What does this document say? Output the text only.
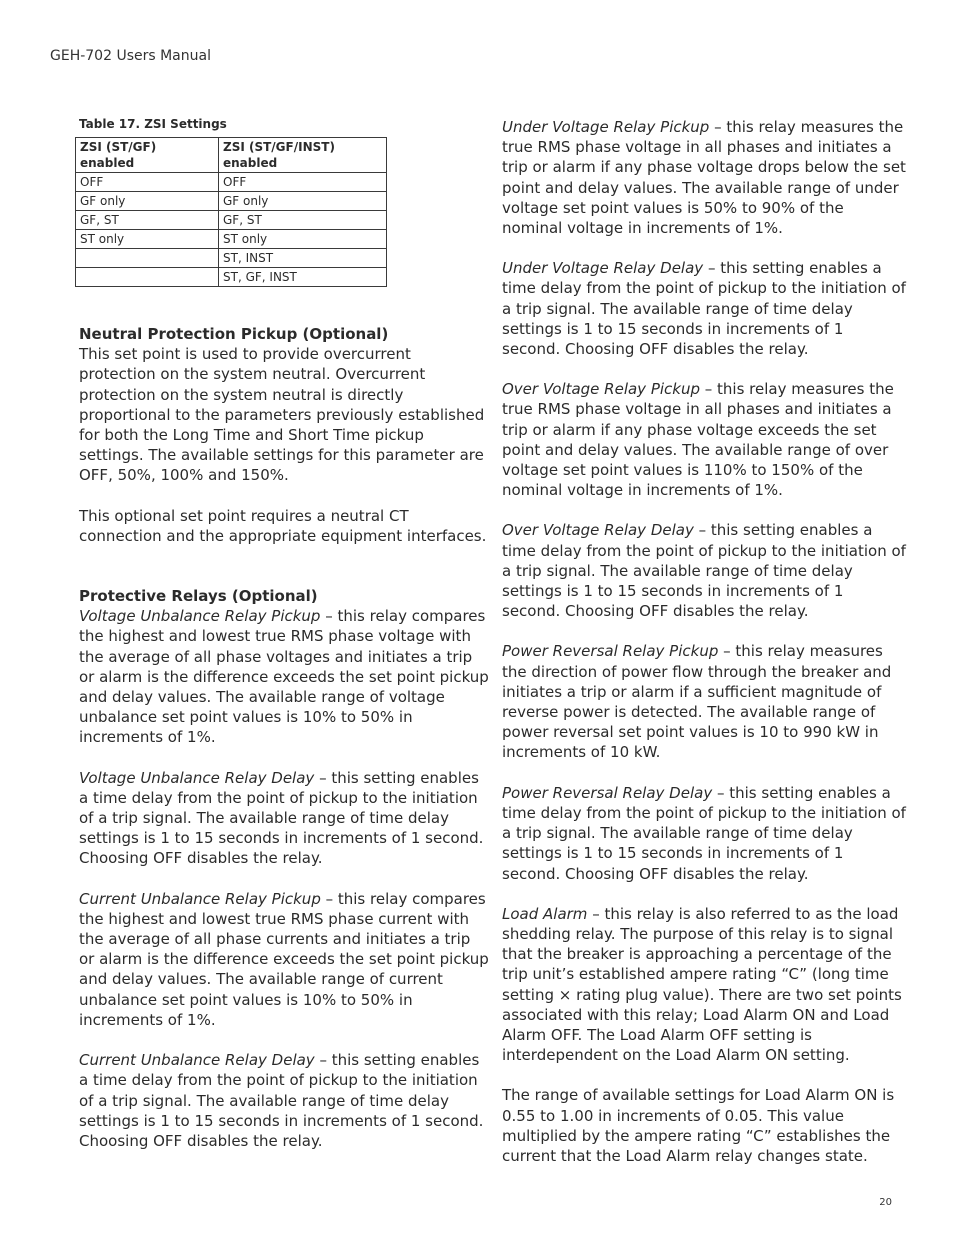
GEH-702 Users Manual
Table 17. ZSI Settings
ZSI (ST/GF) enabled	ZSI (ST/GF/INST) enabled
OFF	OFF
GF only	GF only
GF, ST	GF, ST
ST only	ST only
	ST, INST
	ST, GF, INST
Neutral Protection Pickup (Optional)

This set point is used to provide overcurrent protection on the system neutral. Overcurrent protection on the system neutral is directly proportional to the parameters previously established for both the Long Time and Short Time pickup settings. The available settings for this parameter are OFF, 50%, 100% and 150%.

This optional set point requires a neutral CT connection and the appropriate equipment interfaces.

Protective Relays (Optional)

Voltage Unbalance Relay Pickup – this relay compares the highest and lowest true RMS phase voltage with the average of all phase voltages and initiates a trip or alarm is the difference exceeds the set point pickup and delay values. The available range of voltage unbalance set point values is 10% to 50% in increments of 1%.

Voltage Unbalance Relay Delay – this setting enables a time delay from the point of pickup to the initiation of a trip signal. The available range of time delay settings is 1 to 15 seconds in increments of 1 second. Choosing OFF disables the relay.

Current Unbalance Relay Pickup – this relay compares the highest and lowest true RMS phase current with the average of all phase currents and initiates a trip or alarm is the difference exceeds the set point pickup and delay values. The available range of current unbalance set point values is 10% to 50% in increments of 1%.

Current Unbalance Relay Delay – this setting enables a time delay from the point of pickup to the initiation of a trip signal. The available range of time delay settings is 1 to 15 seconds in increments of 1 second. Choosing OFF disables the relay.

Under Voltage Relay Pickup – this relay measures the true RMS phase voltage in all phases and initiates a trip or alarm if any phase voltage drops below the set point and delay values. The available range of under voltage set point values is 50% to 90% of the nominal voltage in increments of 1%.

Under Voltage Relay Delay – this setting enables a time delay from the point of pickup to the initiation of a trip signal. The available range of time delay settings is 1 to 15 seconds in increments of 1 second. Choosing OFF disables the relay.

Over Voltage Relay Pickup – this relay measures the true RMS phase voltage in all phases and initiates a trip or alarm if any phase voltage exceeds the set point and delay values. The available range of over voltage set point values is 110% to 150% of the nominal voltage in increments of 1%.

Over Voltage Relay Delay – this setting enables a time delay from the point of pickup to the initiation of a trip signal. The available range of time delay settings is 1 to 15 seconds in increments of 1 second. Choosing OFF disables the relay.

Power Reversal Relay Pickup – this relay measures the direction of power flow through the breaker and initiates a trip or alarm if a sufficient magnitude of reverse power is detected. The available range of power reversal set point values is 10 to 990 kW in increments of 10 kW.

Power Reversal Relay Delay – this setting enables a time delay from the point of pickup to the initiation of a trip signal. The available range of time delay settings is 1 to 15 seconds in increments of 1 second. Choosing OFF disables the relay.

Load Alarm – this relay is also referred to as the load shedding relay. The purpose of this relay is to signal that the breaker is approaching a percentage of the trip unit’s established ampere rating “C” (long time setting × rating plug value). There are two set points associated with this relay; Load Alarm ON and Load Alarm OFF. The Load Alarm OFF setting is interdependent on the Load Alarm ON setting.

The range of available settings for Load Alarm ON is 0.55 to 1.00 in increments of 0.05. This value multiplied by the ampere rating “C” establishes the current that the Load Alarm relay changes state.

20
